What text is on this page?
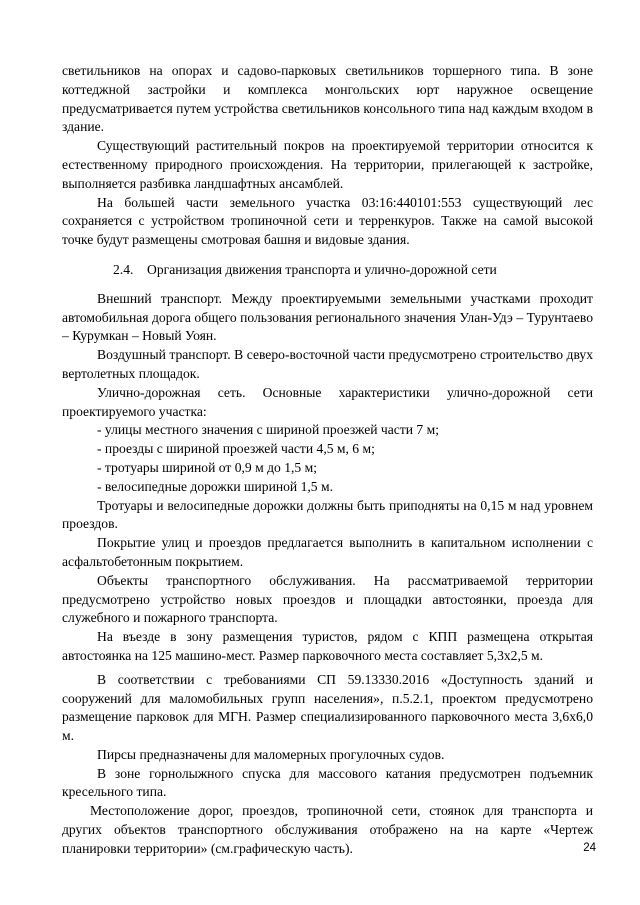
светильников на опорах и садово-парковых светильников торшерного типа. В зоне коттеджной застройки и комплекса монгольских юрт наружное освещение предусматривается путем устройства светильников консольного типа над каждым входом в здание.

Существующий растительный покров на проектируемой территории относится к естественному природного происхождения. На территории, прилегающей к застройке, выполняется разбивка ландшафтных ансамблей.

На большей части земельного участка 03:16:440101:553 существующий лес сохраняется с устройством тропиночной сети и терренкуров. Также на самой высокой точке будут размещены смотровая башня и видовые здания.

2.4. Организация движения транспорта и улично-дорожной сети

Внешний транспорт. Между проектируемыми земельными участками проходит автомобильная дорога общего пользования регионального значения Улан-Удэ – Турунтаево – Курумкан – Новый Уоян.

Воздушный транспорт. В северо-восточной части предусмотрено строительство двух вертолетных площадок.

Улично-дорожная сеть. Основные характеристики улично-дорожной сети проектируемого участка:

- улицы местного значения с шириной проезжей части 7 м;

- проезды с шириной проезжей части 4,5 м, 6 м;

- тротуары шириной от 0,9 м до 1,5 м;

- велосипедные дорожки шириной 1,5 м.

Тротуары и велосипедные дорожки должны быть приподняты на 0,15 м над уровнем проездов.

Покрытие улиц и проездов предлагается выполнить в капитальном исполнении с асфальтобетонным покрытием.

Объекты транспортного обслуживания. На рассматриваемой территории предусмотрено устройство новых проездов и площадки автостоянки, проезда для служебного и пожарного транспорта.

На въезде в зону размещения туристов, рядом с КПП размещена открытая автостоянка на 125 машино-мест. Размер парковочного места составляет 5,3х2,5 м.

В соответствии с требованиями СП 59.13330.2016 «Доступность зданий и сооружений для маломобильных групп населения», п.5.2.1, проектом предусмотрено размещение парковок для МГН. Размер специализированного парковочного места 3,6х6,0 м.

Пирсы предназначены для маломерных прогулочных судов.

В зоне горнолыжного спуска для массового катания предусмотрен подъемник кресельного типа.

Местоположение дорог, проездов, тропиночной сети, стоянок для транспорта и других объектов транспортного обслуживания отображено на на карте «Чертеж планировки территории» (см.графическую часть).	24
